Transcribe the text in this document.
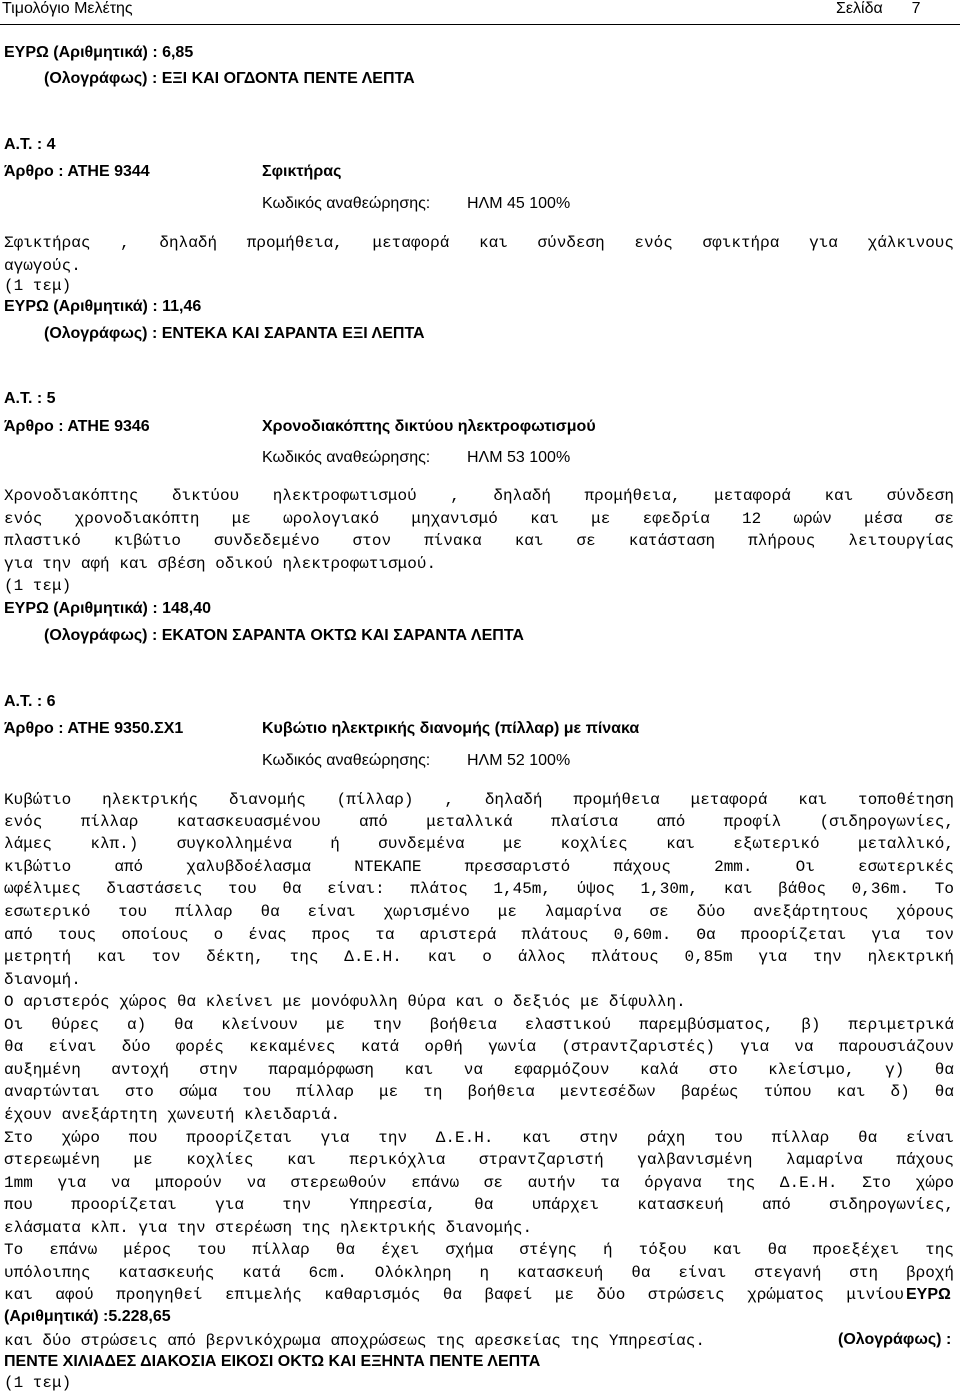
Τιμολόγιο Μελέτης	Σελίδα 7
ΕΥΡΩ (Αριθμητικά) : 6,85
(Ολογράφως) : ΕΞΙ ΚΑΙ ΟΓΔΟΝΤΑ ΠΕΝΤΕ ΛΕΠΤΑ
Α.Τ. : 4
Άρθρο : ΑΤΗΕ 9344	Σφικτήρας
Κωδικός αναθεώρησης: ΗΛΜ 45 100%
Σφικτήρας , δηλαδή προμήθεια, μεταφορά και σύνδεση ενός σφικτήρα για χάλκινους
αγωγούς.
(1 τεμ)
ΕΥΡΩ (Αριθμητικά) : 11,46
(Ολογράφως) : ΕΝΤΕΚΑ ΚΑΙ ΣΑΡΑΝΤΑ ΕΞΙ ΛΕΠΤΑ
Α.Τ. : 5
Άρθρο : ΑΤΗΕ 9346	Χρονοδιακόπτης δικτύου ηλεκτροφωτισμού
Κωδικός αναθεώρησης: ΗΛΜ 53 100%
Χρονοδιακόπτης δικτύου ηλεκτροφωτισμού , δηλαδή προμήθεια, μεταφορά και σύνδεση
ενός χρονοδιακόπτη με ωρολογιακό μηχανισμό και με εφεδρία 12 ωρών μέσα σε
πλαστικό κιβώτιο συνδεδεμένο στον πίνακα και σε κατάσταση πλήρους λειτουργίας
για την αφή και σβέση οδικού ηλεκτροφωτισμού.
(1 τεμ)
ΕΥΡΩ (Αριθμητικά) : 148,40
(Ολογράφως) : ΕΚΑΤΟΝ ΣΑΡΑΝΤΑ ΟΚΤΩ ΚΑΙ ΣΑΡΑΝΤΑ ΛΕΠΤΑ
Α.Τ. : 6
Άρθρο : ΑΤΗΕ 9350.ΣΧ1	Κυβώτιο ηλεκτρικής διανομής (πίλλαρ) με πίνακα
Κωδικός αναθεώρησης: ΗΛΜ 52 100%
Κυβώτιο ηλεκτρικής διανομής (πίλλαρ) , δηλαδή προμήθεια μεταφορά και τοποθέτηση
ενός πίλλαρ κατασκευασμένου από μεταλλικά πλαίσια από προφίλ (σιδηρογωνίες,
λάμες κλπ.) συγκολλημένα ή συνδεμένα με κοχλίες και εξωτερικό μεταλλικό,
κιβώτιο από χαλυβδοέλασμα ΝΤΕΚΑΠΕ πρεσσαριστό πάχους 2mm. Οι εσωτερικές
ωφέλιμες διαστάσεις του θα είναι: πλάτος 1,45m, ύψος 1,30m, και βάθος 0,36m. Το
εσωτερικό του πίλλαρ θα είναι χωρισμένο με λαμαρίνα σε δύο ανεξάρτητους χόρους
από τους οποίους ο ένας προς τα αριστερά πλάτους 0,60m. Θα προορίζεται για τον
μετρητή και τον δέκτη, της Δ.Ε.Η. και ο άλλος πλάτους 0,85m για την ηλεκτρική
διανομή.
Ο αριστερός χώρος θα κλείνει με μονόφυλλη θύρα και ο δεξιός με δίφυλλη.
Οι θύρες α) θα κλείνουν με την βοήθεια ελαστικού παρεμβύσματος, β) περιμετρικά
θα είναι δύο φορές κεκαμένες κατά ορθή γωνία (στραντζαριστές) για να παρουσιάζουν
αυξημένη αντοχή στην παραμόρφωση και να εφαρμόζουν καλά στο κλείσιμο, γ) θα
αναρτώνται στο σώμα του πίλλαρ με τη βοήθεια μεντεσέδων βαρέως τύπου και δ) θα
έχουν ανεξάρτητη χωνευτή κλειδαριά.
Στο χώρο που προορίζεται για την Δ.Ε.Η. και στην ράχη του πίλλαρ θα είναι
στερεωμένη με κοχλίες και περικόχλια στραντζαριστή γαλβανισμένη λαμαρίνα πάχους
1mm για να μπορούν να στερεωθούν επάνω σε αυτήν τα όργανα της Δ.Ε.Η. Στο χώρο
που προορίζεται για την Υπηρεσία, θα υπάρχει κατασκευή από σιδηρογωνίες,
ελάσματα κλπ. για την στερέωση της ηλεκτρικής διανομής.
Το επάνω μέρος του πίλλαρ θα έχει σχήμα στέγης ή τόξου και θα προεξέχει της
υπόλοιπης κατασκευής κατά 6cm. Ολόκληρη η κατασκευή θα είναι στεγανή στη βροχή
και αφού προηγηθεί επιμελής καθαρισμός θα βαφεί με δύο στρώσεις χρώματος μινίου ΕΥΡΩ
(Αριθμητικά) :5.228,65
και δύο στρώσεις από βερνικόχρωμα αποχρώσεως της αρεσκείας της Υπηρεσίας.	(Ολογράφως) :
ΠΕΝΤΕ ΧΙΛΙΑΔΕΣ ΔΙΑΚΟΣΙΑ ΕΙΚΟΣΙ ΟΚΤΩ ΚΑΙ ΕΞΗΝΤΑ ΠΕΝΤΕ ΛΕΠΤΑ
(1 τεμ)
